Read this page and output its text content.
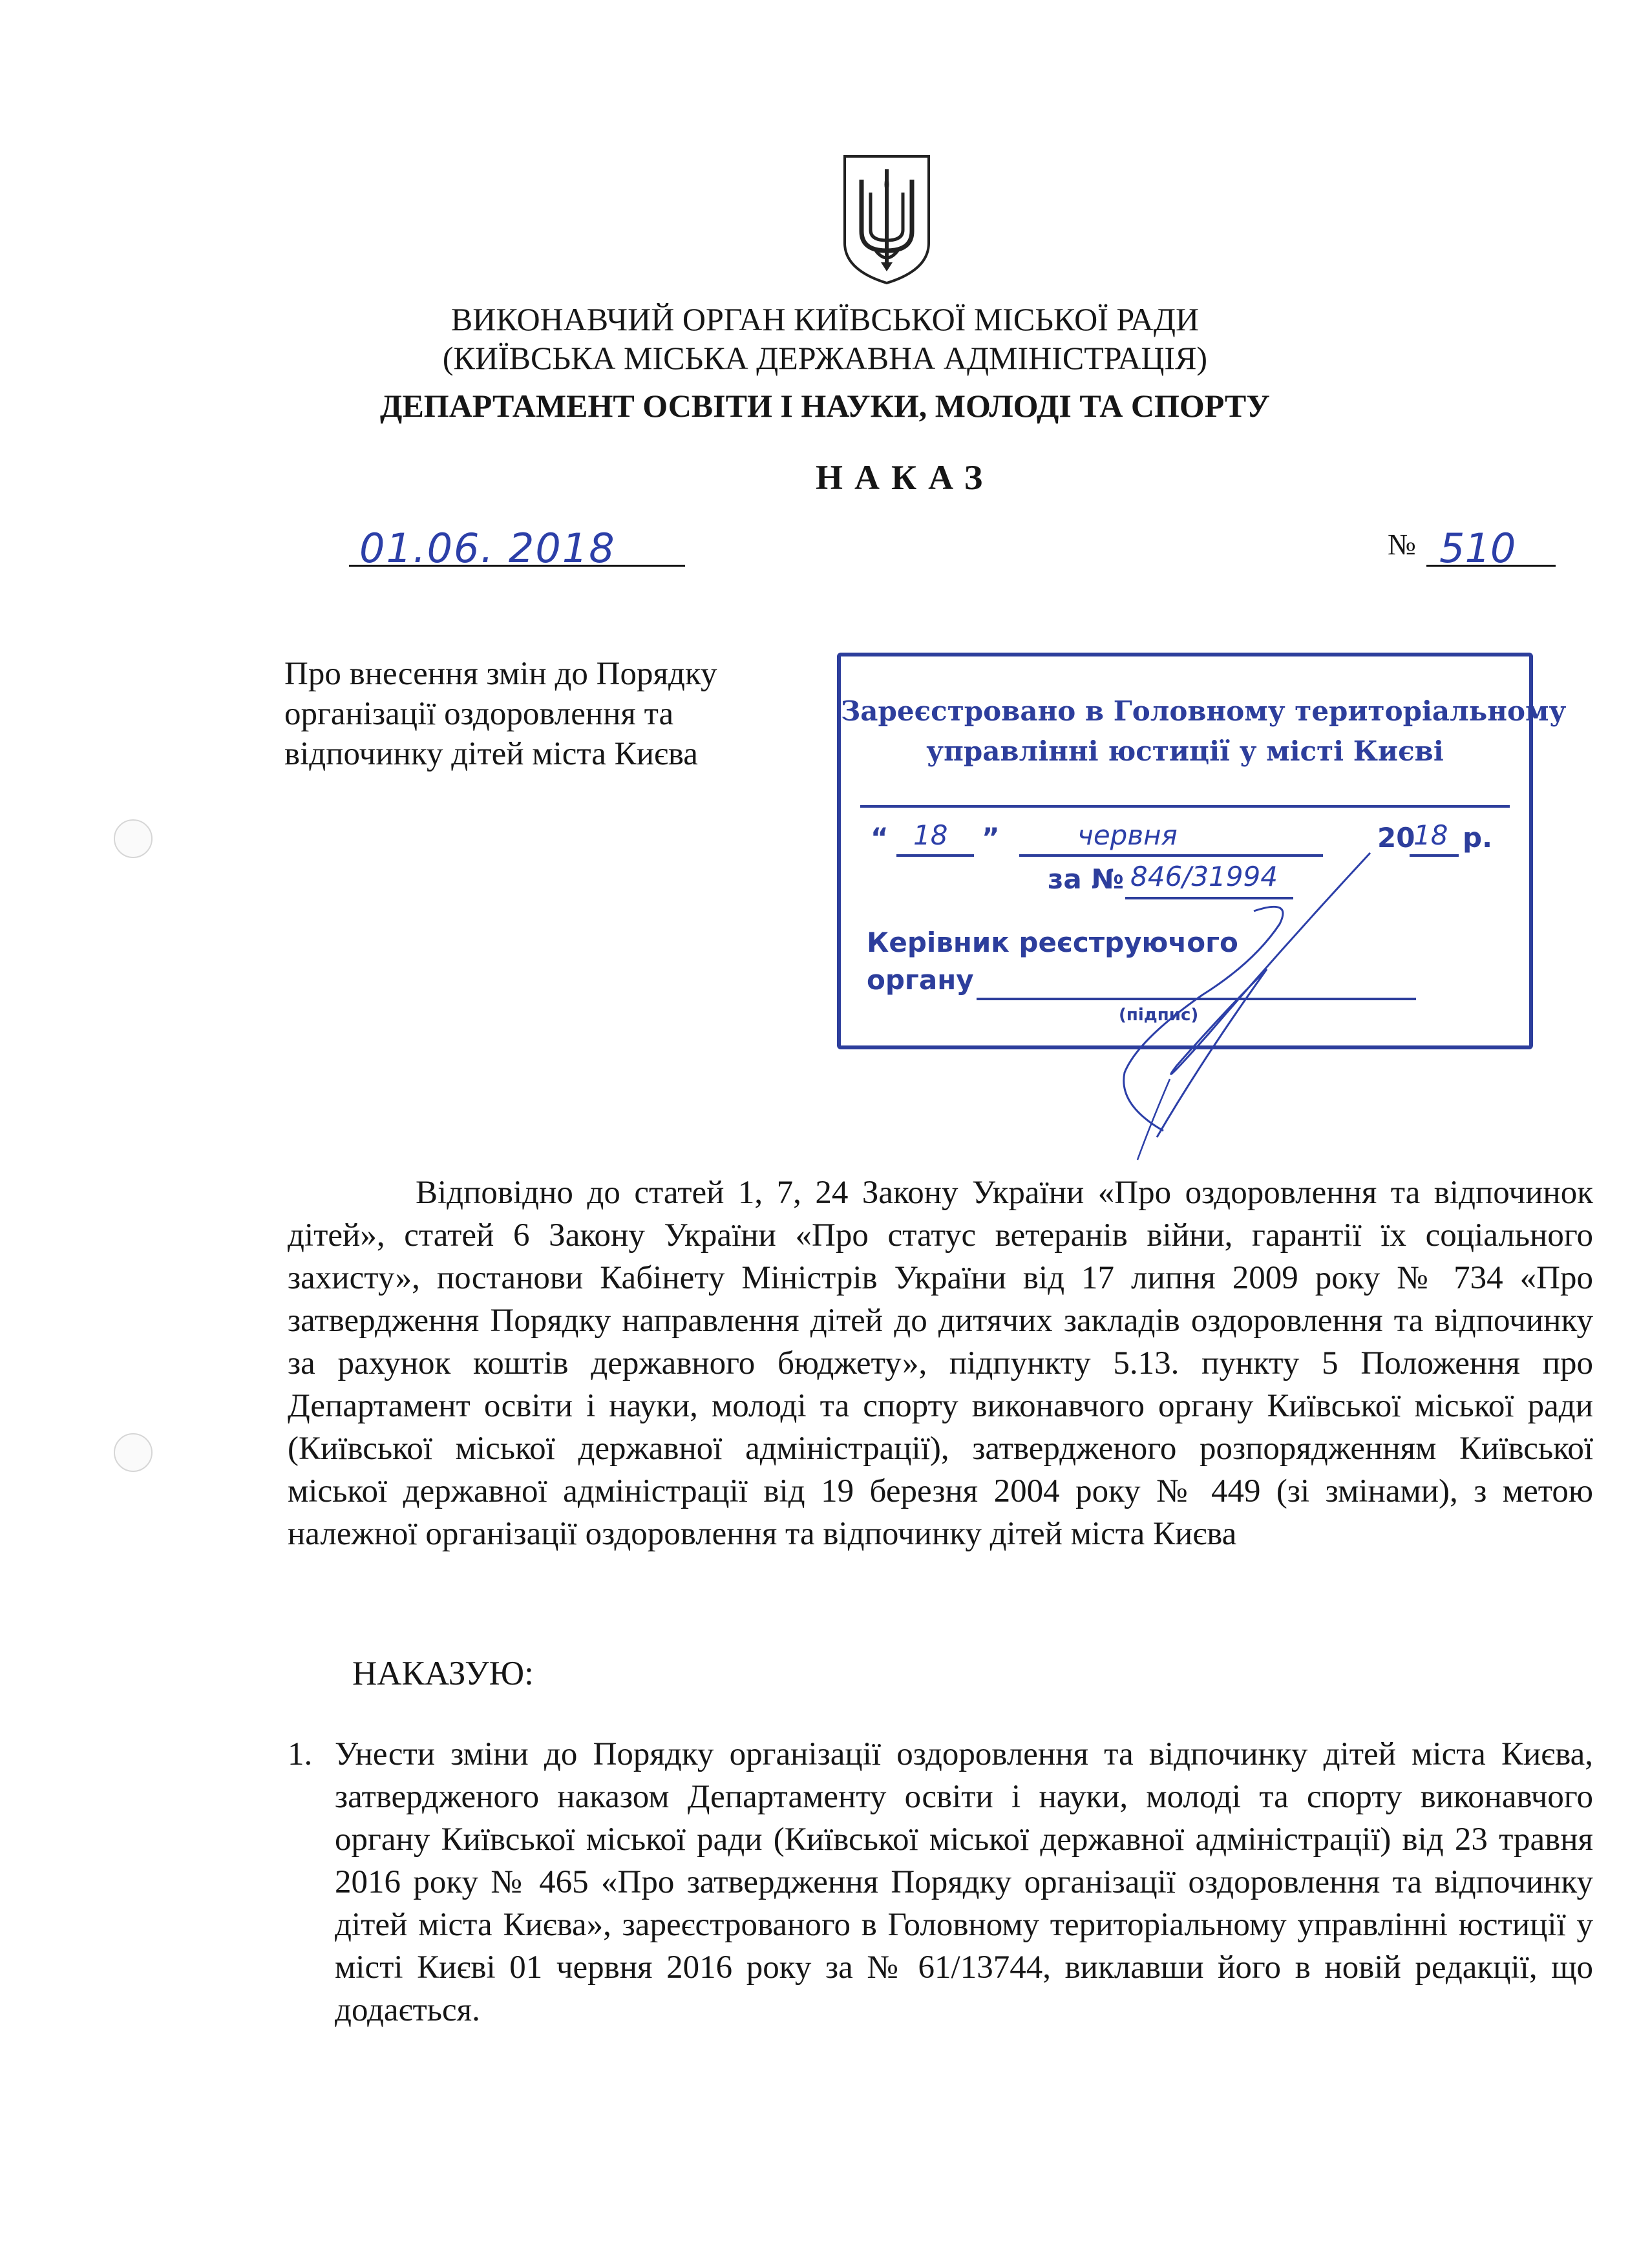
ВИКОНАВЧИЙ ОРГАН КИЇВСЬКОЇ МІСЬКОЇ РАДИ
(КИЇВСЬКА МІСЬКА ДЕРЖАВНА АДМІНІСТРАЦІЯ)
ДЕПАРТАМЕНТ ОСВІТИ І НАУКИ, МОЛОДІ ТА СПОРТУ
НАКАЗ
01.06. 2018	№ 510
Про внесення змін до Порядку
організації оздоровлення та
відпочинку дітей міста Києва
Зареєстровано в Головному територіальному
управлінні юстиції у місті Києві
“ 18 ”	червня	20
18 р.
за № 846/31994
Керівник реєструючого
органу
(підпис)
Відповідно до статей 1, 7, 24 Закону України «Про оздоровлення та відпочинок дітей», статей 6 Закону України «Про статус ветеранів війни, гарантії їх соціального захисту», постанови Кабінету Міністрів України від 17 липня 2009 року № 734 «Про затвердження Порядку направлення дітей до дитячих закладів оздоровлення та відпочинку за рахунок коштів державного бюджету», підпункту 5.13. пункту 5 Положення про Департамент освіти і науки, молоді та спорту виконавчого органу Київської міської ради (Київської міської державної адміністрації), затвердженого розпорядженням Київської міської державної адміністрації від 19 березня 2004 року № 449 (зі змінами), з метою належної організації оздоровлення та відпочинку дітей міста Києва
НАКАЗУЮ:
1. Унести зміни до Порядку організації оздоровлення та відпочинку дітей міста Києва, затвердженого наказом Департаменту освіти і науки, молоді та спорту виконавчого органу Київської міської ради (Київської міської державної адміністрації) від 23 травня 2016 року № 465 «Про затвердження Порядку організації оздоровлення та відпочинку дітей міста Києва», зареєстрованого в Головному територіальному управлінні юстиції у місті Києві 01 червня 2016 року за № 61/13744, виклавши його в новій редакції, що додається.
